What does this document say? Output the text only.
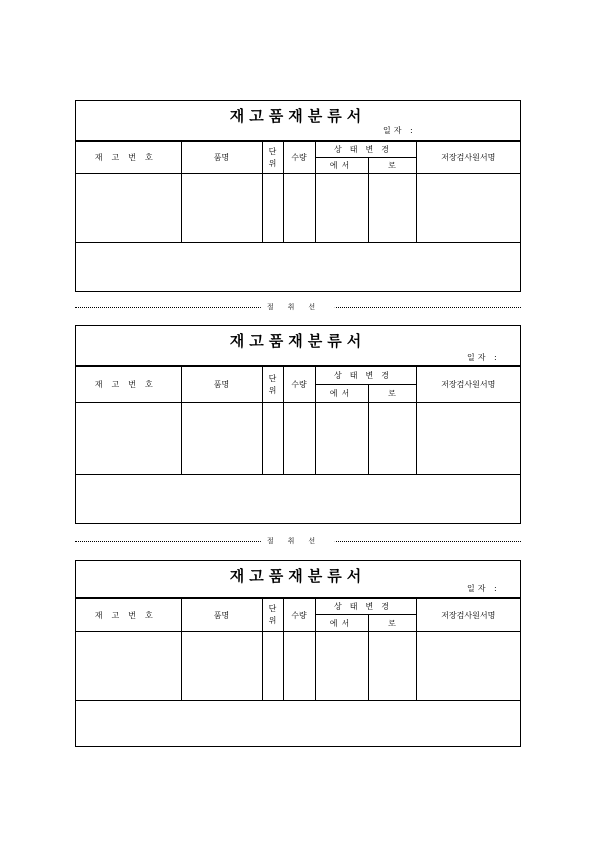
재고품재분류서
일자 :
재고번호	품명	단위	수량	상태변경		저장검사원서명
				에서	로	

절취선
재고품재분류서
일자 :
재고번호	품명	단위	수량	상태변경		저장검사원서명
				에서	로	

절취선
재고품재분류서
일자 :
재고번호	품명	단위	수량	상태변경		저장검사원서명
				에서	로	
